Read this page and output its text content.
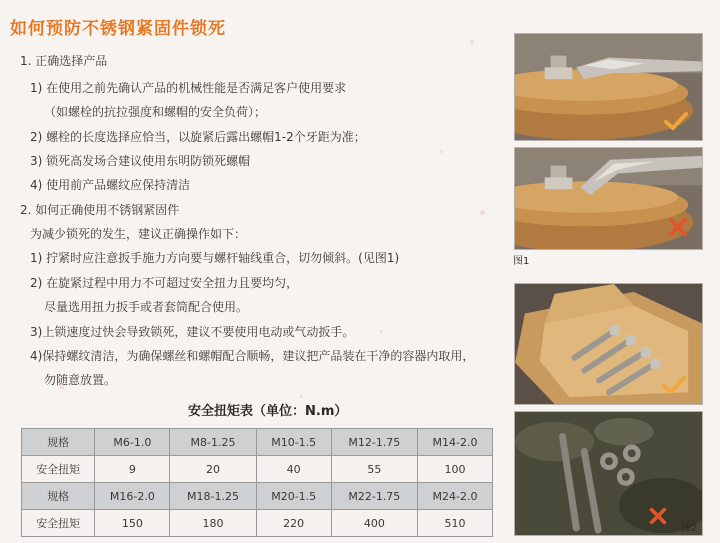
如何预防不锈钢紧固件锁死
1. 正确选择产品
1) 在使用之前先确认产品的机械性能是否满足客户使用要求
（如螺栓的抗拉强度和螺帽的安全负荷）；
2) 螺栓的长度选择应恰当，以旋紧后露出螺帽1-2个牙距为准；
3) 锁死高发场合建议使用东明防锁死螺帽
4) 使用前产品螺纹应保持清洁
2. 如何正确使用不锈钢紧固件
为减少锁死的发生，建议正确操作如下：
1) 拧紧时应注意扳手施力方向要与螺杆轴线重合，切勿倾斜。(见图1)
2) 在旋紧过程中用力不可超过安全扭力且要均匀，
尽量选用扭力扳手或者套筒配合使用。
3)上锁速度过快会导致锁死，建议不要使用电动或气动扳手。
4)保持螺纹清洁，为确保螺丝和螺帽配合顺畅，建议把产品装在干净的容器内取用，
勿随意放置。
安全扭矩表（单位：N.m）
规格	M6-1.0	M8-1.25	M10-1.5	M12-1.75	M14-2.0
安全扭矩	9	20	40	55	100
规格	M16-2.0	M18-1.25	M20-1.5	M22-1.75	M24-2.0
安全扭矩	150	180	220	400	510
图1
图2
